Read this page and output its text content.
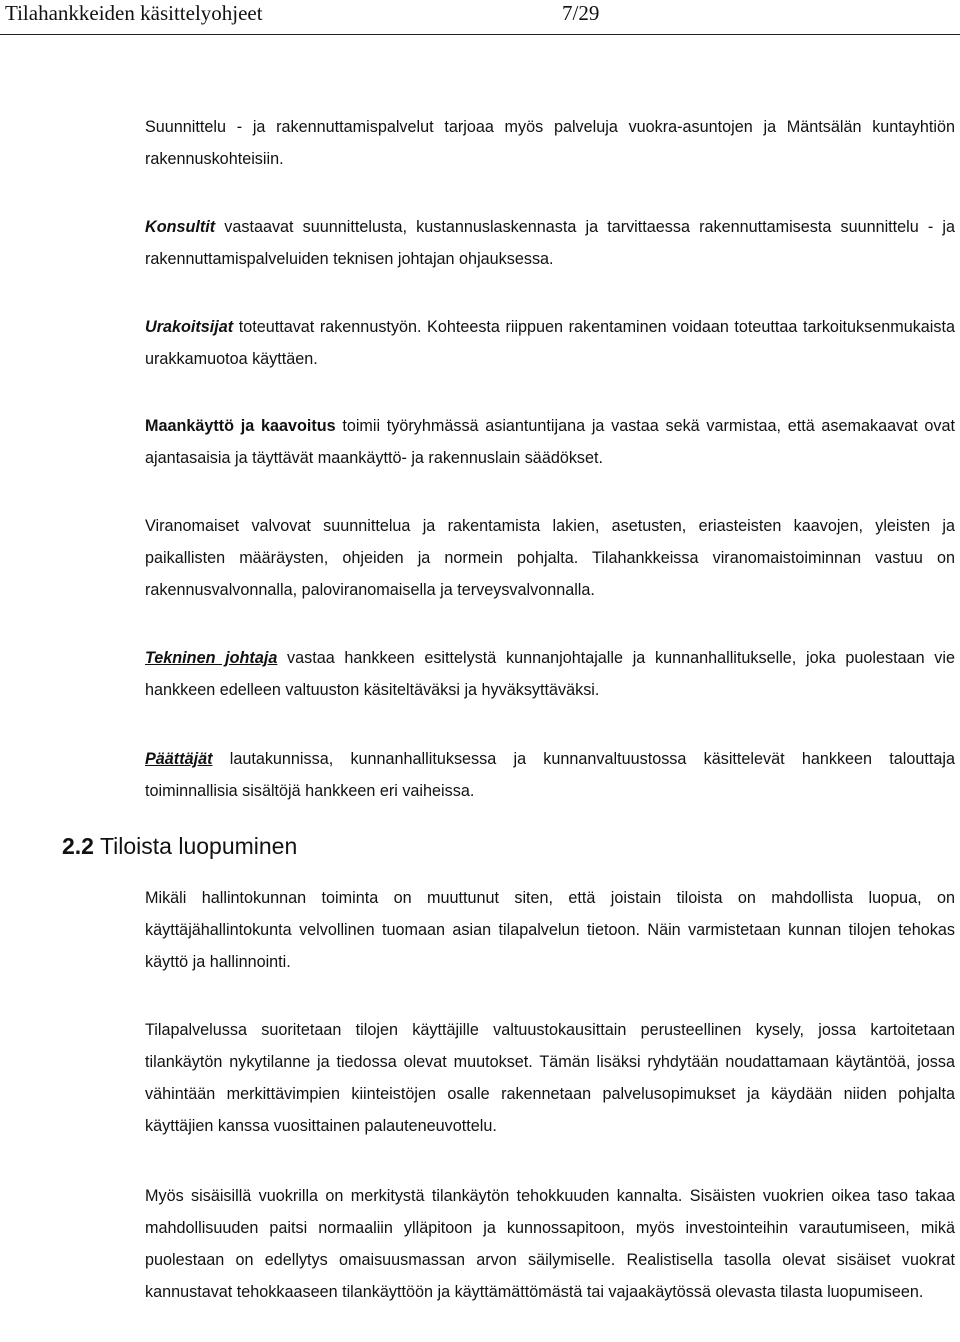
Tilahankkeiden käsittelyohjeet	7/29

Suunnittelu - ja rakennuttamispalvelut tarjoaa myös palveluja vuokra-asuntojen ja Mäntsälän kuntayhtiön rakennuskohteisiin.

Konsultit vastaavat suunnittelusta, kustannuslaskennasta ja tarvittaessa rakennuttamisesta suunnittelu - ja rakennuttamispalveluiden teknisen johtajan ohjauksessa.

Urakoitsijat toteuttavat rakennustyön. Kohteesta riippuen rakentaminen voidaan toteuttaa tarkoituksenmukaista urakkamuotoa käyttäen.

Maankäyttö ja kaavoitus toimii työryhmässä asiantuntijana ja vastaa sekä varmistaa, että asemakaavat ovat ajantasaisia ja täyttävät maankäyttö- ja rakennuslain säädökset.

Viranomaiset valvovat suunnittelua ja rakentamista lakien, asetusten, eriasteisten kaavojen, yleisten ja paikallisten määräysten, ohjeiden ja normein pohjalta. Tilahankkeissa viranomaistoiminnan vastuu on rakennusvalvonnalla, paloviranomaisella ja terveysvalvonnalla.

Tekninen johtaja vastaa hankkeen esittelystä kunnanjohtajalle ja kunnanhallitukselle, joka puolestaan vie hankkeen edelleen valtuuston käsiteltäväksi ja hyväksyttäväksi.

Päättäjät lautakunnissa, kunnanhallituksessa ja kunnanvaltuustossa käsittelevät hankkeen talouttaja toiminnallisia sisältöjä hankkeen eri vaiheissa.

2.2 Tiloista luopuminen

Mikäli hallintokunnan toiminta on muuttunut siten, että joistain tiloista on mahdollista luopua, on käyttäjähallintokunta velvollinen tuomaan asian tilapalvelun tietoon. Näin varmistetaan kunnan tilojen tehokas käyttö ja hallinnointi.

Tilapalvelussa suoritetaan tilojen käyttäjille valtuustokausittain perusteellinen kysely, jossa kartoitetaan tilankäytön nykytilanne ja tiedossa olevat muutokset. Tämän lisäksi ryhdytään noudattamaan käytäntöä, jossa vähintään merkittävimpien kiinteistöjen osalle rakennetaan palvelusopimukset ja käydään niiden pohjalta käyttäjien kanssa vuosittainen palauteneuvottelu.

Myös sisäisillä vuokrilla on merkitystä tilankäytön tehokkuuden kannalta. Sisäisten vuokrien oikea taso takaa mahdollisuuden paitsi normaaliin ylläpitoon ja kunnossapitoon, myös investointeihin varautumiseen, mikä puolestaan on edellytys omaisuusmassan arvon säilymiselle. Realistisella tasolla olevat sisäiset vuokrat kannustavat tehokkaaseen tilankäyttöön ja käyttämättömästä tai vajaakäytössä olevasta tilasta luopumiseen.
